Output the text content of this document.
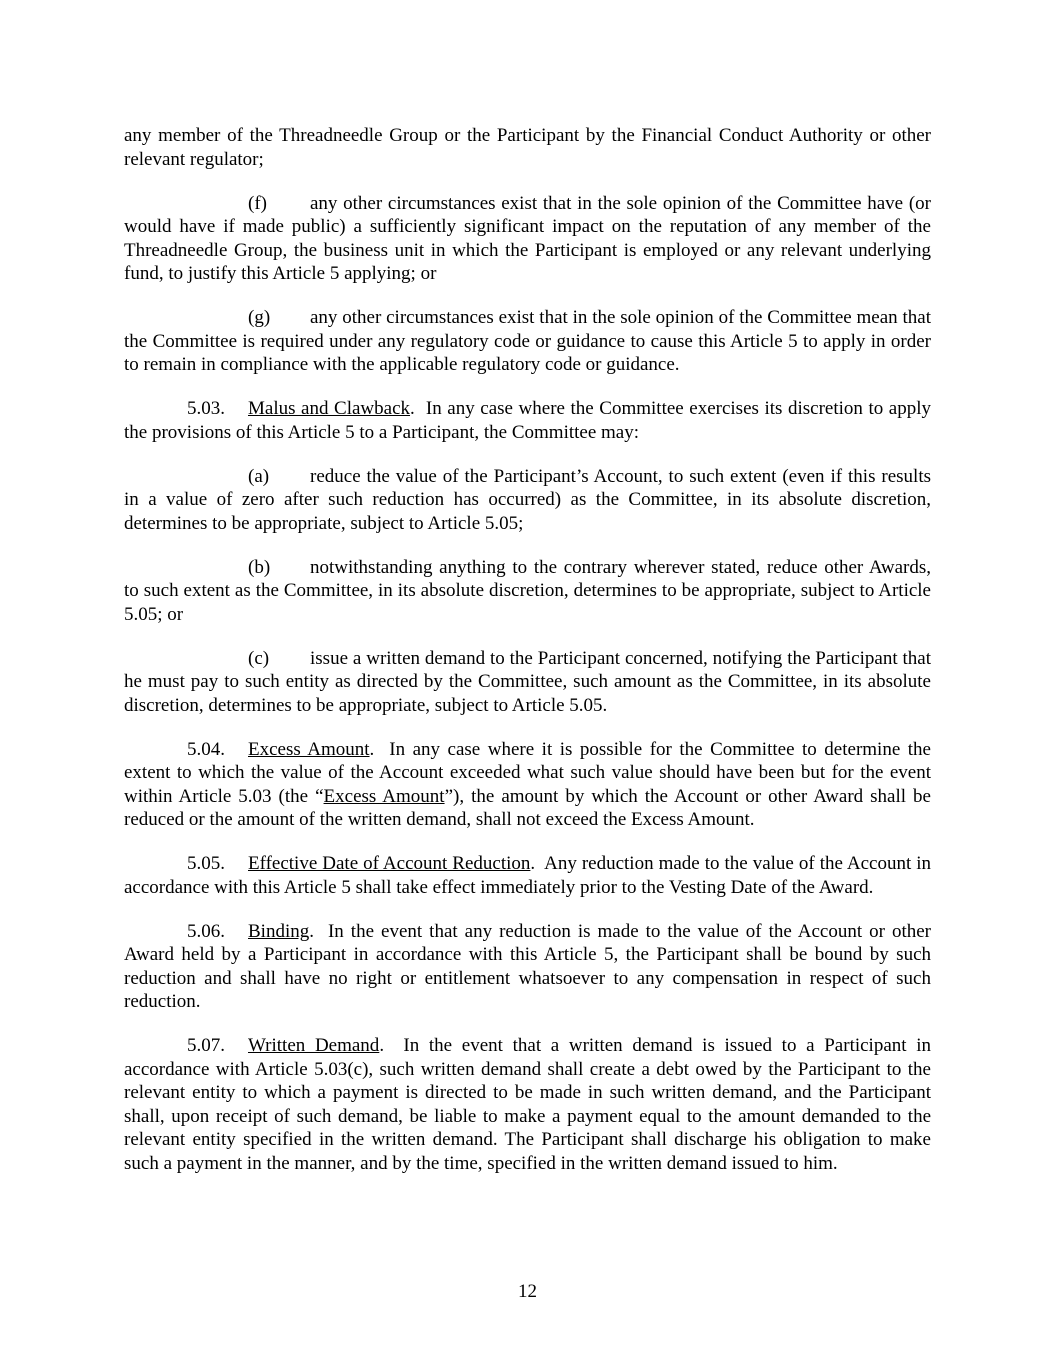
any member of the Threadneedle Group or the Participant by the Financial Conduct Authority or other relevant regulator;

(f) any other circumstances exist that in the sole opinion of the Committee have (or would have if made public) a sufficiently significant impact on the reputation of any member of the Threadneedle Group, the business unit in which the Participant is employed or any relevant underlying fund, to justify this Article 5 applying; or

(g) any other circumstances exist that in the sole opinion of the Committee mean that the Committee is required under any regulatory code or guidance to cause this Article 5 to apply in order to remain in compliance with the applicable regulatory code or guidance.

5.03. Malus and Clawback.  In any case where the Committee exercises its discretion to apply the provisions of this Article 5 to a Participant, the Committee may:

(a) reduce the value of the Participant’s Account, to such extent (even if this results in a value of zero after such reduction has occurred) as the Committee, in its absolute discretion, determines to be appropriate, subject to Article 5.05;

(b) notwithstanding anything to the contrary wherever stated, reduce other Awards, to such extent as the Committee, in its absolute discretion, determines to be appropriate, subject to Article 5.05; or

(c) issue a written demand to the Participant concerned, notifying the Participant that he must pay to such entity as directed by the Committee, such amount as the Committee, in its absolute discretion, determines to be appropriate, subject to Article 5.05.

5.04. Excess Amount.  In any case where it is possible for the Committee to determine the extent to which the value of the Account exceeded what such value should have been but for the event within Article 5.03 (the “Excess Amount”), the amount by which the Account or other Award shall be reduced or the amount of the written demand, shall not exceed the Excess Amount.

5.05. Effective Date of Account Reduction.  Any reduction made to the value of the Account in accordance with this Article 5 shall take effect immediately prior to the Vesting Date of the Award.

5.06. Binding.  In the event that any reduction is made to the value of the Account or other Award held by a Participant in accordance with this Article 5, the Participant shall be bound by such reduction and shall have no right or entitlement whatsoever to any compensation in respect of such reduction.

5.07. Written Demand.  In the event that a written demand is issued to a Participant in accordance with Article 5.03(c), such written demand shall create a debt owed by the Participant to the relevant entity to which a payment is directed to be made in such written demand, and the Participant shall, upon receipt of such demand, be liable to make a payment equal to the amount demanded to the relevant entity specified in the written demand. The Participant shall discharge his obligation to make such a payment in the manner, and by the time, specified in the written demand issued to him.

12
